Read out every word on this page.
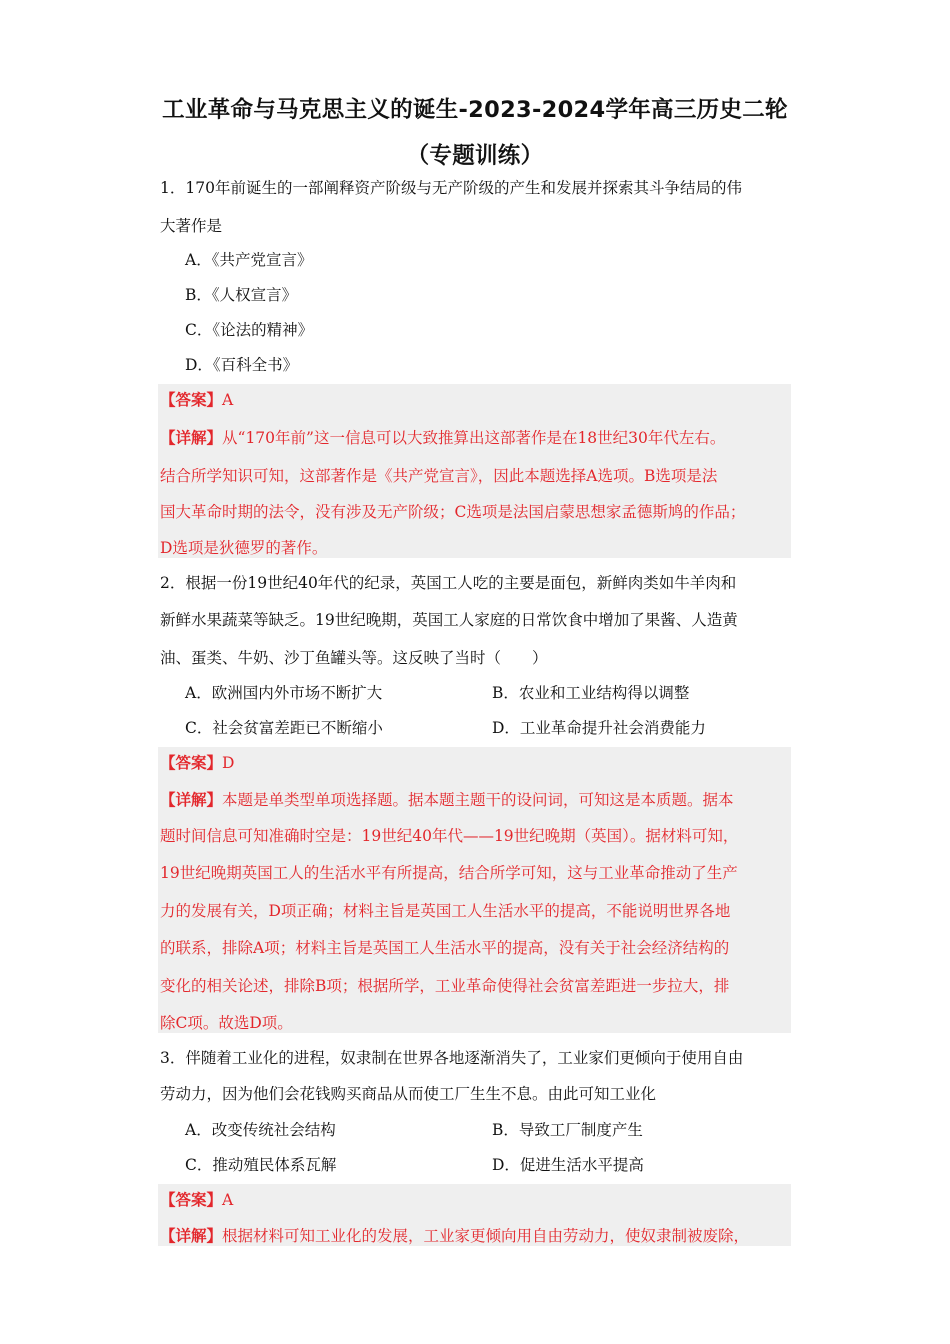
工业革命与马克思主义的诞生-2023-2024学年高三历史二轮
（专题训练）
1．170年前诞生的一部阐释资产阶级与无产阶级的产生和发展并探索其斗争结局的伟
大著作是
A．《共产党宣言》
B．《人权宣言》
C．《论法的精神》
D．《百科全书》
【答案】A
【详解】从“170年前”这一信息可以大致推算出这部著作是在18世纪30年代左右。
结合所学知识可知，这部著作是《共产党宣言》，因此本题选择A选项。B选项是法
国大革命时期的法令，没有涉及无产阶级；C选项是法国启蒙思想家孟德斯鸠的作品；
D选项是狄德罗的著作。
2．根据一份19世纪40年代的纪录，英国工人吃的主要是面包，新鲜肉类如牛羊肉和
新鲜水果蔬菜等缺乏。19世纪晚期，英国工人家庭的日常饮食中增加了果酱、人造黄
油、蛋类、牛奶、沙丁鱼罐头等。这反映了当时（　　）
A．欧洲国内外市场不断扩大	B．农业和工业结构得以调整
C．社会贫富差距已不断缩小	D．工业革命提升社会消费能力
【答案】D
【详解】本题是单类型单项选择题。据本题主题干的设问词，可知这是本质题。据本
题时间信息可知准确时空是：19世纪40年代——19世纪晚期（英国）。据材料可知，
19世纪晚期英国工人的生活水平有所提高，结合所学可知，这与工业革命推动了生产
力的发展有关，D项正确；材料主旨是英国工人生活水平的提高，不能说明世界各地
的联系，排除A项；材料主旨是英国工人生活水平的提高，没有关于社会经济结构的
变化的相关论述，排除B项；根据所学，工业革命使得社会贫富差距进一步拉大，排
除C项。故选D项。
3．伴随着工业化的进程，奴隶制在世界各地逐渐消失了，工业家们更倾向于使用自由
劳动力，因为他们会花钱购买商品从而使工厂生生不息。由此可知工业化
A．改变传统社会结构	B．导致工厂制度产生
C．推动殖民体系瓦解	D．促进生活水平提高
【答案】A
【详解】根据材料可知工业化的发展，工业家更倾向用自由劳动力，使奴隶制被废除，
